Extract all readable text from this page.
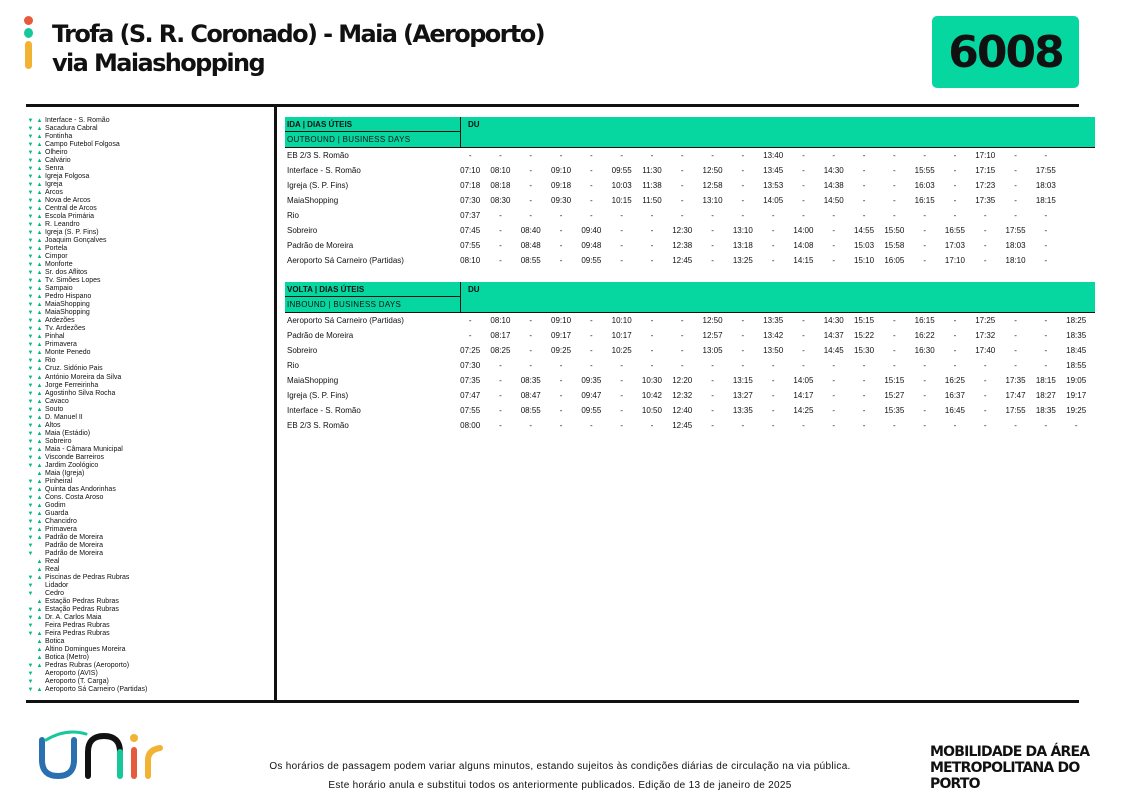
Trofa (S. R. Coronado) - Maia (Aeroporto)
via Maiashopping	6008
▼ ▲ Interface - S. Romão
▼ ▲ Sacadura Cabral
▼ ▲ Fontinha
▼ ▲ Campo Futebol Folgosa
▼ ▲ Olheiro
▼ ▲ Calvário
▼ ▲ Senra
▼ ▲ Igreja Folgosa
▼ ▲ Igreja
▼ ▲ Arcos
▼ ▲ Nova de Arcos
▼ ▲ Central de Arcos
▼ ▲ Escola Primária
▼ ▲ R. Leandro
▼ ▲ Igreja (S. P. Fins)
▼ ▲ Joaquim Gonçalves
▼ ▲ Portela
▼ ▲ Cimpor
▼ ▲ Monforte
▼ ▲ Sr. dos Aflitos
▼ ▲ Tv. Simões Lopes
▼ ▲ Sampaio
▼ ▲ Pedro Hispano
▼ ▲ MaiaShopping
▼ ▲ MaiaShopping
▼ ▲ Ardezões
▼ ▲ Tv. Ardezões
▼ ▲ Pinhal
▼ ▲ Primavera
▼ ▲ Monte Penedo
▼ ▲ Rio
▼ ▲ Cruz. Sidónio Pais
▼ ▲ António Moreira da Silva
▼ ▲ Jorge Ferreirinha
▼ ▲ Agostinho Silva Rocha
▼ ▲ Cavaco
▼ ▲ Souto
▼ ▲ D. Manuel II
▼ ▲ Altos
▼ ▲ Maia (Estádio)
▼ ▲ Sobreiro
▼ ▲ Maia - Câmara Municipal
▼ ▲ Visconde Barreiros
▼ ▲ Jardim Zoológico
▲ Maia (Igreja)
▼ ▲ Pinheiral
▼ ▲ Quinta das Andorinhas
▼ ▲ Cons. Costa Aroso
▼ ▲ Godim
▼ ▲ Guarda
▼ ▲ Chancidro
▼ ▲ Primavera
▼ ▲ Padrão de Moreira
▼ Padrão de Moreira
▼ Padrão de Moreira
▲ Real
▲ Real
▼ ▲ Piscinas de Pedras Rubras
▼ Lidador
▼ Cedro
▲ Estação Pedras Rubras
▼ ▲ Estação Pedras Rubras
▼ ▲ Dr. A. Carlos Maia
▼ Feira Pedras Rubras
▼ ▲ Feira Pedras Rubras
▲ Botica
▲ Altino Domingues Moreira
▲ Botica (Metro)
▼ ▲ Pedras Rubras (Aeroporto)
▼ Aeroporto (AVIS)
▼ Aeroporto (T. Carga)
▼ ▲ Aeroporto Sá Carneiro (Partidas)
IDA | DIAS ÚTEIS
OUTBOUND | BUSINESS DAYS
DU
EB 2/3 S. Romão	-	-	-	-	-	-	-	-	-	-	13:40	-	-	-	-	-	-	17:10	-	-
Interface - S. Romão	07:10	08:10	-	09:10	-	09:55	11:30	-	12:50	-	13:45	-	14:30	-	-	15:55	-	17:15	-	17:55
Igreja (S. P. Fins)	07:18	08:18	-	09:18	-	10:03	11:38	-	12:58	-	13:53	-	14:38	-	-	16:03	-	17:23	-	18:03
MaiaShopping	07:30	08:30	-	09:30	-	10:15	11:50	-	13:10	-	14:05	-	14:50	-	-	16:15	-	17:35	-	18:15
Rio	07:37	-	-	-	-	-	-	-	-	-	-	-	-	-	-	-	-	-	-	-
Sobreiro	07:45	-	08:40	-	09:40	-	-	12:30	-	13:10	-	14:00	-	14:55	15:50	-	16:55	-	17:55	-
Padrão de Moreira	07:55	-	08:48	-	09:48	-	-	12:38	-	13:18	-	14:08	-	15:03	15:58	-	17:03	-	18:03	-
Aeroporto Sá Carneiro (Partidas)	08:10	-	08:55	-	09:55	-	-	12:45	-	13:25	-	14:15	-	15:10	16:05	-	17:10	-	18:10	-
VOLTA | DIAS ÚTEIS
INBOUND | BUSINESS DAYS
DU
Aeroporto Sá Carneiro (Partidas)	-	08:10	-	09:10	-	10:10	-	-	12:50	-	13:35	-	14:30	15:15	-	16:15	-	17:25	-	-	18:25
Padrão de Moreira	-	08:17	-	09:17	-	10:17	-	-	12:57	-	13:42	-	14:37	15:22	-	16:22	-	17:32	-	-	18:35
Sobreiro	07:25	08:25	-	09:25	-	10:25	-	-	13:05	-	13:50	-	14:45	15:30	-	16:30	-	17:40	-	-	18:45
Rio	07:30	-	-	-	-	-	-	-	-	-	-	-	-	-	-	-	-	-	-	-	18:55
MaiaShopping	07:35	-	08:35	-	09:35	-	10:30	12:20	-	13:15	-	14:05	-	-	15:15	-	16:25	-	17:35	18:15	19:05
Igreja (S. P. Fins)	07:47	-	08:47	-	09:47	-	10:42	12:32	-	13:27	-	14:17	-	-	15:27	-	16:37	-	17:47	18:27	19:17
Interface - S. Romão	07:55	-	08:55	-	09:55	-	10:50	12:40	-	13:35	-	14:25	-	-	15:35	-	16:45	-	17:55	18:35	19:25
EB 2/3 S. Romão	08:00	-	-	-	-	-	-	12:45	-	-	-	-	-	-	-	-	-	-	-	-	-
Os horários de passagem podem variar alguns minutos, estando sujeitos às condições diárias de circulação na via pública.
Este horário anula e substitui todos os anteriormente publicados. Edição de 13 de janeiro de 2025
MOBILIDADE DA ÁREA
METROPOLITANA DO PORTO
